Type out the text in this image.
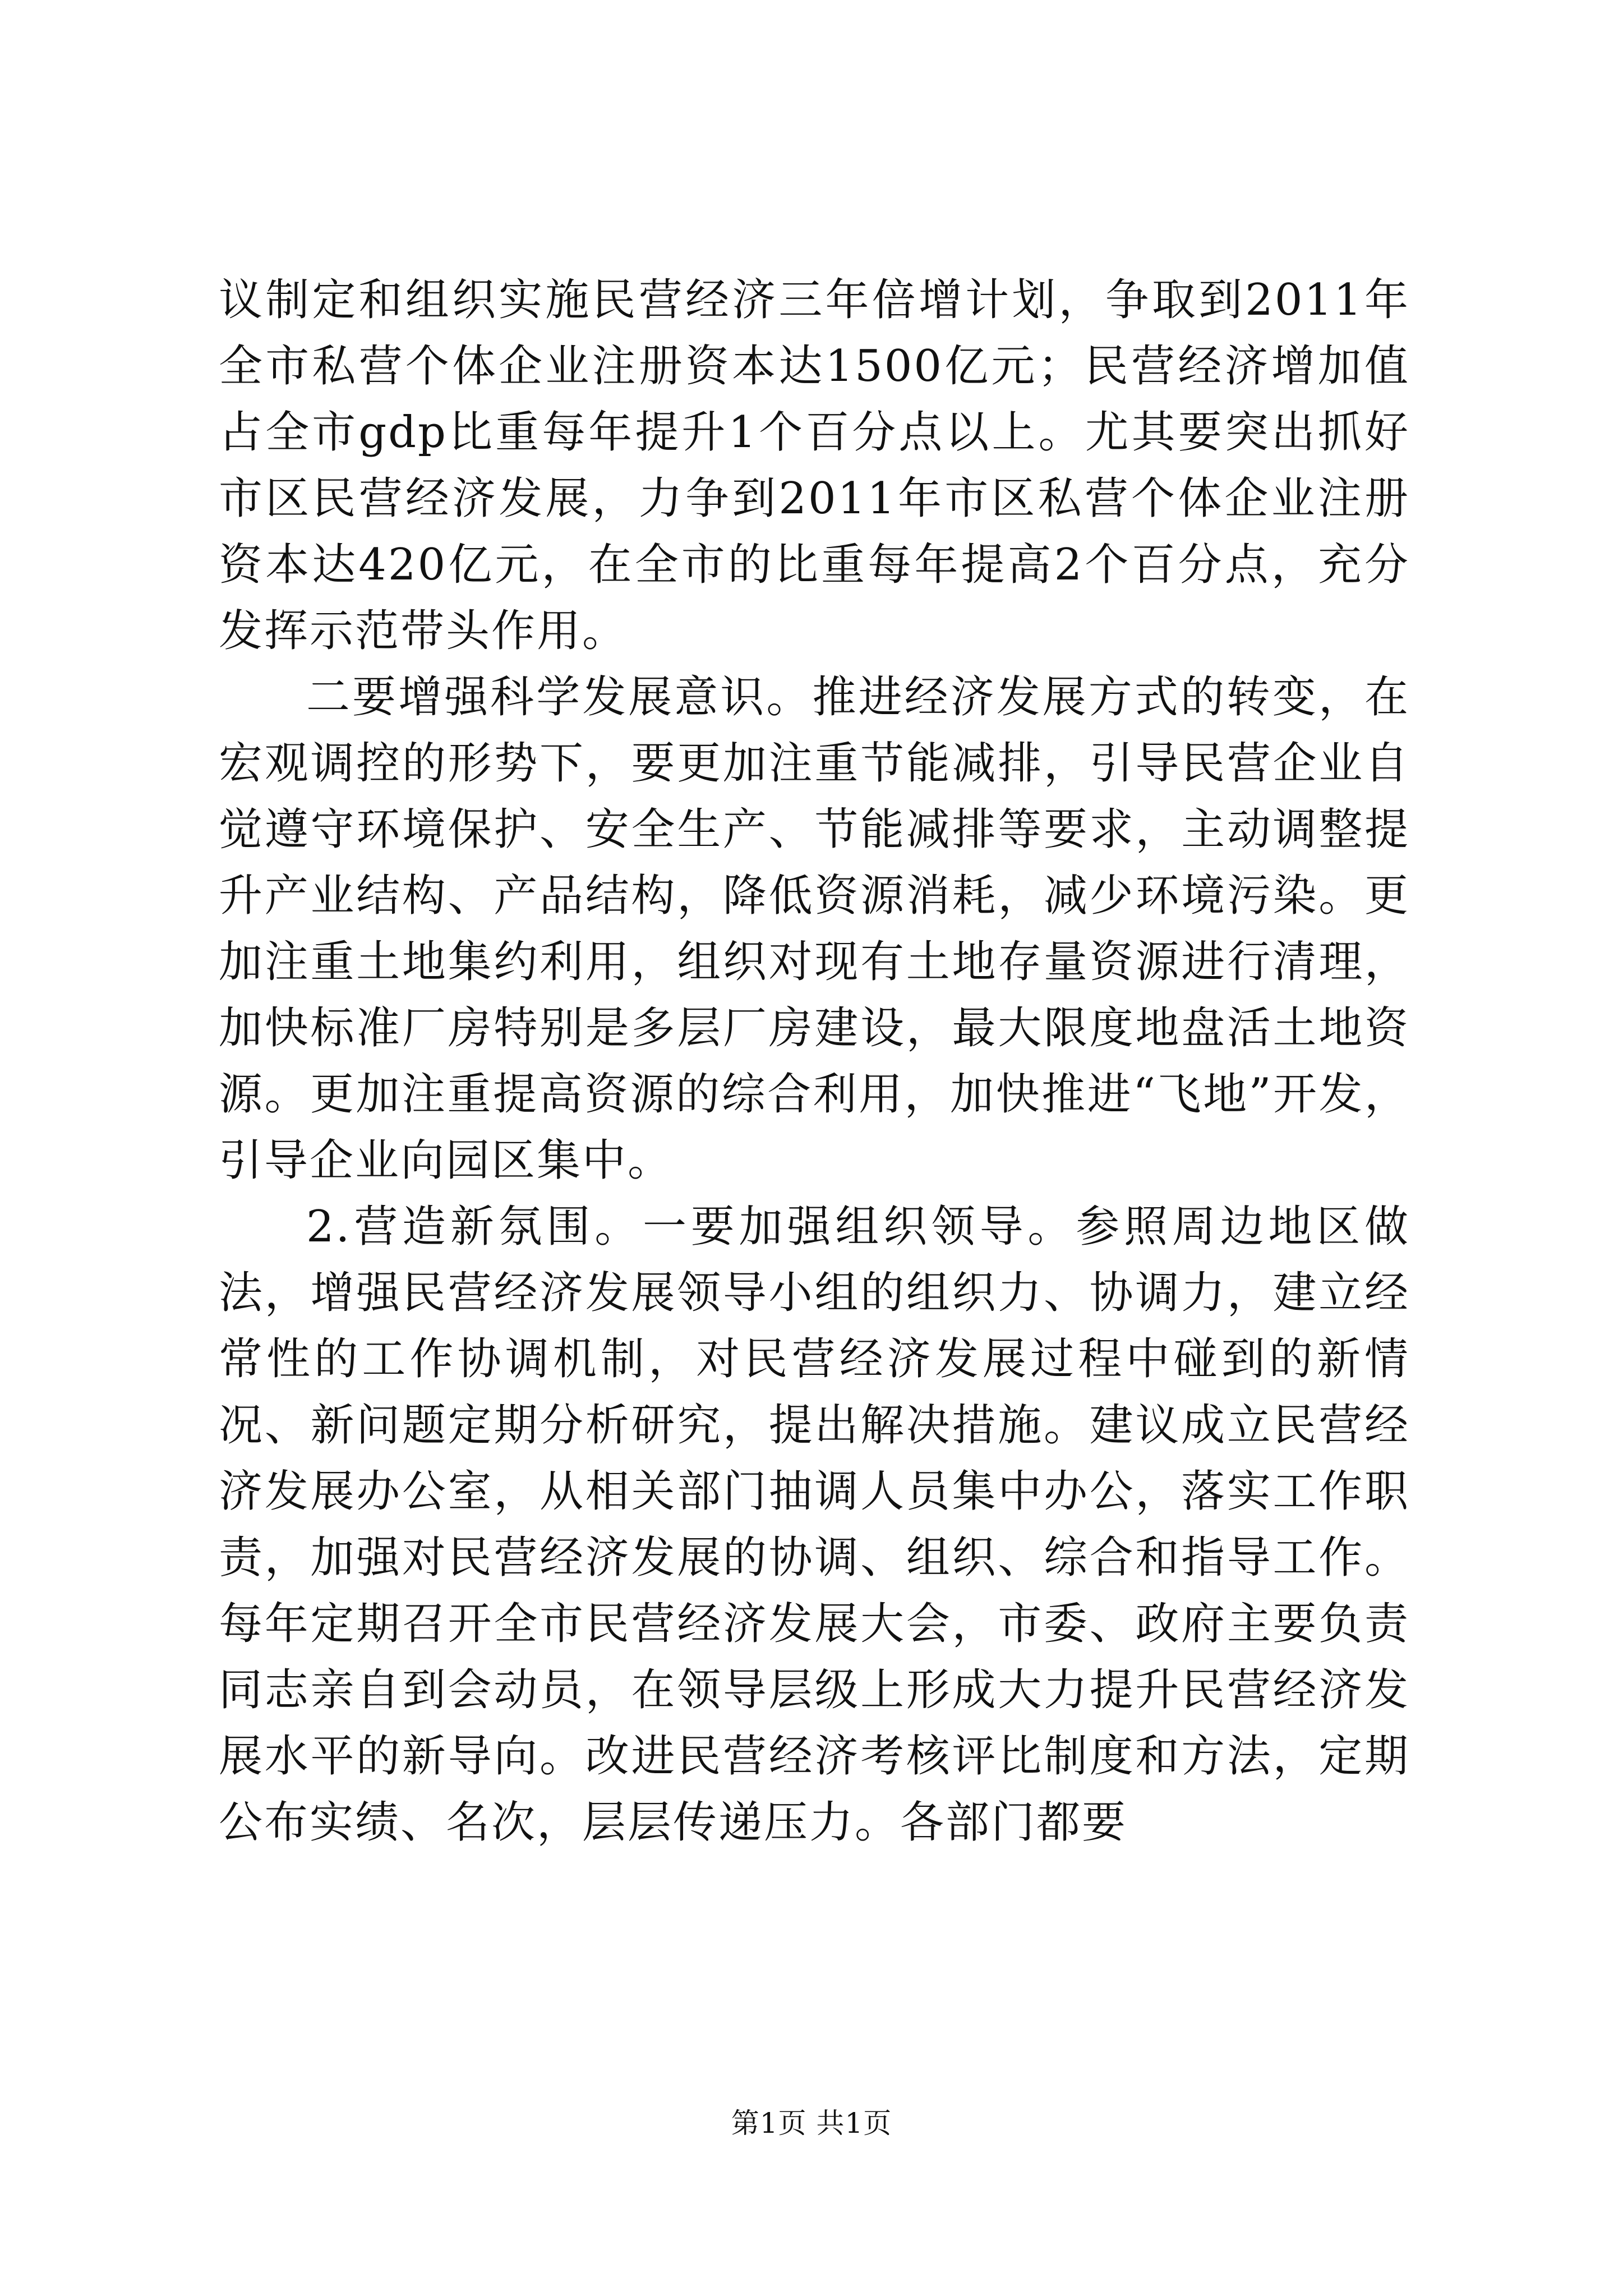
议制定和组织实施民营经济三年倍增计划，争取到2011年全市私营个体企业注册资本达1500亿元；民营经济增加值占全市gdp比重每年提升1个百分点以上。尤其要突出抓好市区民营经济发展，力争到2011年市区私营个体企业注册资本达420亿元，在全市的比重每年提高2个百分点，充分发挥示范带头作用。

二要增强科学发展意识。推进经济发展方式的转变，在宏观调控的形势下，要更加注重节能减排，引导民营企业自觉遵守环境保护、安全生产、节能减排等要求，主动调整提升产业结构、产品结构，降低资源消耗，减少环境污染。更加注重土地集约利用，组织对现有土地存量资源进行清理，加快标准厂房特别是多层厂房建设，最大限度地盘活土地资源。更加注重提高资源的综合利用，加快推进“飞地”开发，引导企业向园区集中。

2.营造新氛围。一要加强组织领导。参照周边地区做法，增强民营经济发展领导小组的组织力、协调力，建立经常性的工作协调机制，对民营经济发展过程中碰到的新情况、新问题定期分析研究，提出解决措施。建议成立民营经济发展办公室，从相关部门抽调人员集中办公，落实工作职责，加强对民营经济发展的协调、组织、综合和指导工作。每年定期召开全市民营经济发展大会，市委、政府主要负责同志亲自到会动员，在领导层级上形成大力提升民营经济发展水平的新导向。改进民营经济考核评比制度和方法，定期公布实绩、名次，层层传递压力。各部门都要

第1页 共1页
